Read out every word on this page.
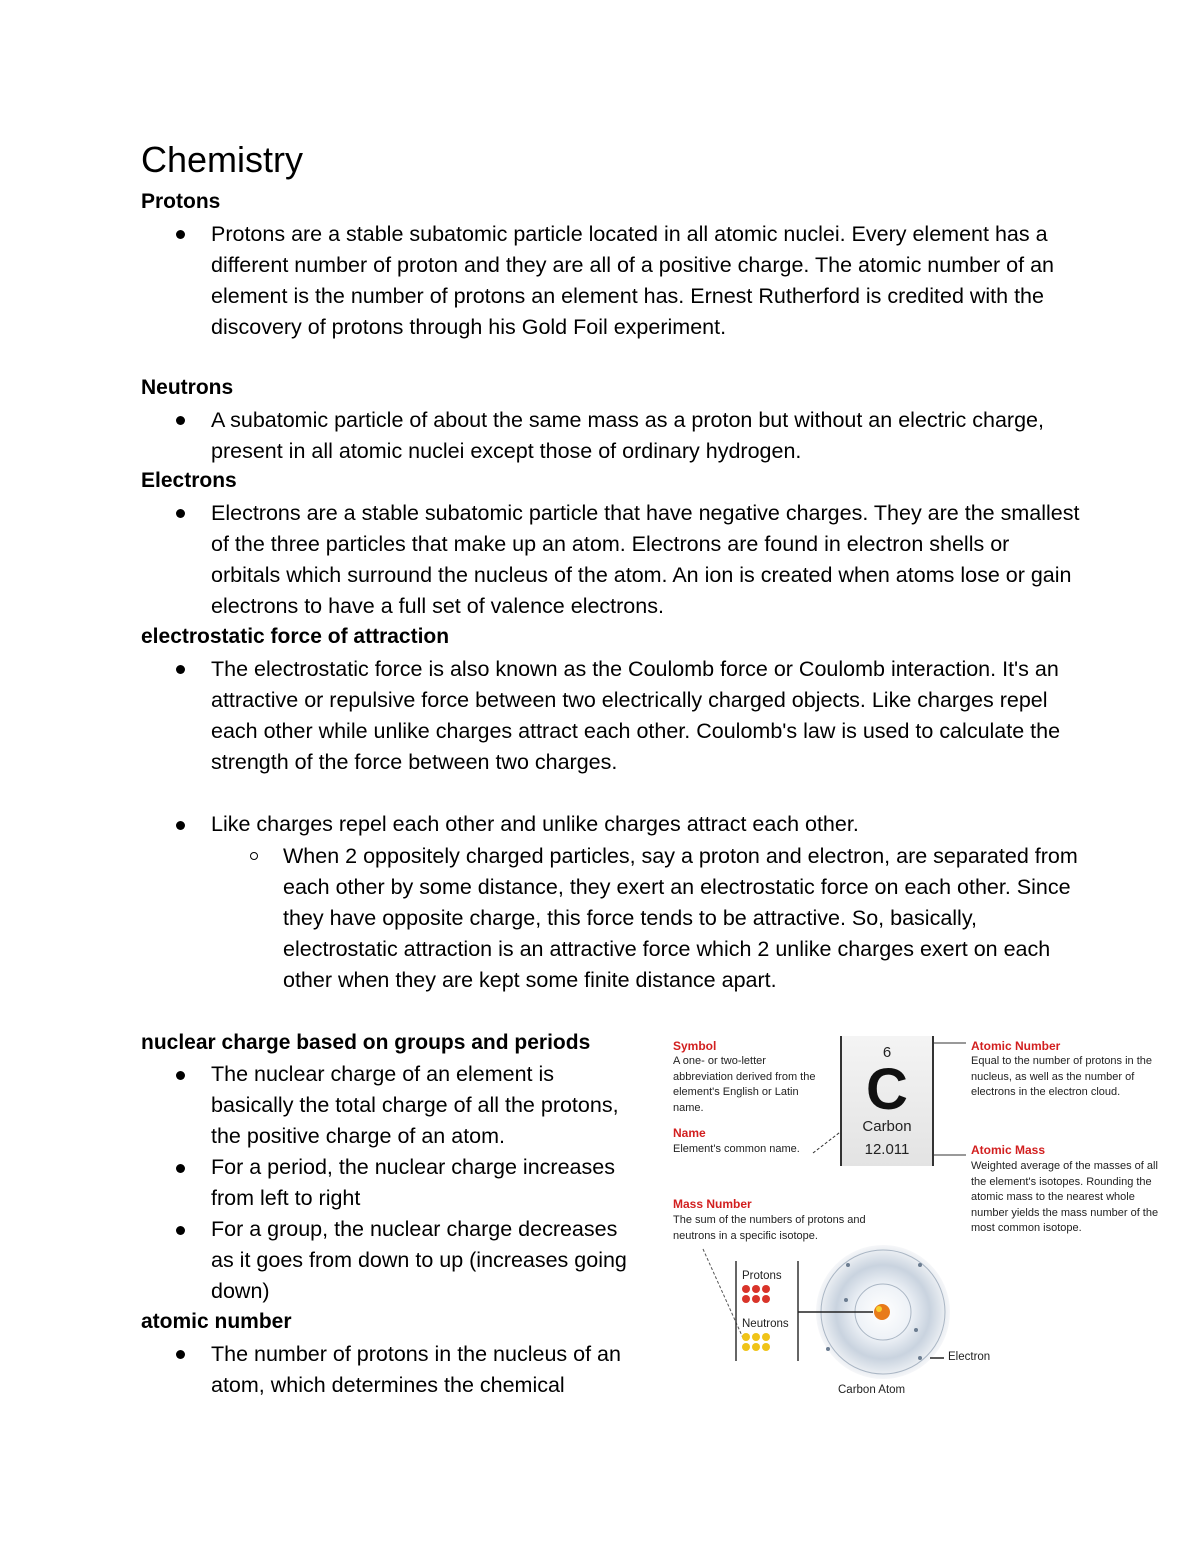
Chemistry

Protons

Protons are a stable subatomic particle located in all atomic nuclei. Every element has a different number of proton and they are all of a positive charge. The atomic number of an element is the number of protons an element has. Ernest Rutherford is credited with the discovery of protons through his Gold Foil experiment.

Neutrons

A subatomic particle of about the same mass as a proton but without an electric charge, present in all atomic nuclei except those of ordinary hydrogen.

Electrons

Electrons are a stable subatomic particle that have negative charges. They are the smallest of the three particles that make up an atom. Electrons are found in electron shells or orbitals which surround the nucleus of the atom. An ion is created when atoms lose or gain electrons to have a full set of valence electrons.

electrostatic force of attraction

The electrostatic force is also known as the Coulomb force or Coulomb interaction. It's an attractive or repulsive force between two electrically charged objects. Like charges repel each other while unlike charges attract each other. Coulomb's law is used to calculate the strength of the force between two charges.

Like charges repel each other and unlike charges attract each other.

When 2 oppositely charged particles, say a proton and electron, are separated from each other by some distance, they exert an electrostatic force on each other. Since they have opposite charge, this force tends to be attractive. So, basically, electrostatic attraction is an attractive force which 2 unlike charges exert on each other when they are kept some finite distance apart.

nuclear charge based on groups and periods

The nuclear charge of an element is basically the total charge of all the protons, the positive charge of an atom.

For a period, the nuclear charge increases from left to right

For a group, the nuclear charge decreases as it goes from down to up (increases going down)

atomic number

The number of protons in the nucleus of an atom, which determines the chemical

6
C
Carbon
12.011
Symbol
A one- or two-letter abbreviation derived from the element's English or Latin name.
Name
Element's common name.
Mass Number
The sum of the numbers of protons and neutrons in a specific isotope.
Atomic Number
Equal to the number of protons in the nucleus, as well as the number of electrons in the electron cloud.
Atomic Mass
Weighted average of the masses of all the element's isotopes. Rounding the atomic mass to the nearest whole number yields the mass number of the most common isotope.
Protons
Neutrons
Electron
Carbon Atom
